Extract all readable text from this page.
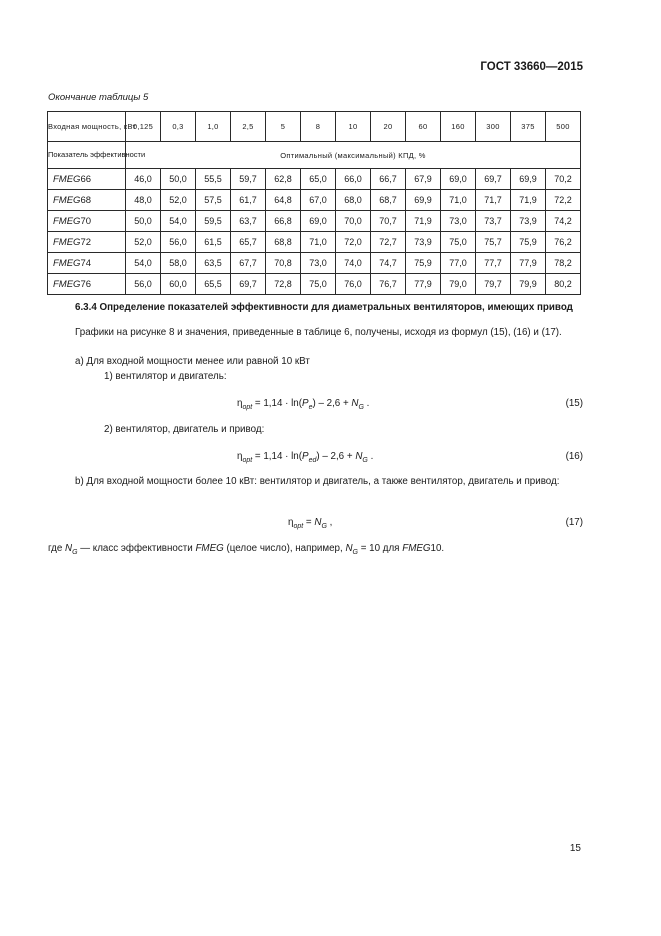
ГОСТ 33660—2015
Окончание таблицы 5
Входная мощность, кВт	0,125	0,3	1,0	2,5	5	8	10	20	60	160	300	375	500
Показатель эффективности	Оптимальный (максимальный) КПД, %												
FMEG66	46,0	50,0	55,5	59,7	62,8	65,0	66,0	66,7	67,9	69,0	69,7	69,9	70,2
FMEG68	48,0	52,0	57,5	61,7	64,8	67,0	68,0	68,7	69,9	71,0	71,7	71,9	72,2
FMEG70	50,0	54,0	59,5	63,7	66,8	69,0	70,0	70,7	71,9	73,0	73,7	73,9	74,2
FMEG72	52,0	56,0	61,5	65,7	68,8	71,0	72,0	72,7	73,9	75,0	75,7	75,9	76,2
FMEG74	54,0	58,0	63,5	67,7	70,8	73,0	74,0	74,7	75,9	77,0	77,7	77,9	78,2
FMEG76	56,0	60,0	65,5	69,7	72,8	75,0	76,0	76,7	77,9	79,0	79,7	79,9	80,2
6.3.4 Определение показателей эффективности для диаметральных вентиляторов, имеющих привод
Графики на рисунке 8 и значения, приведенные в таблице 6, получены, исходя из формул (15), (16) и (17).
а) Для входной мощности менее или равной 10 кВт
1) вентилятор и двигатель:
$\eta_{opt} = 1,14 \cdot \ln(P_e) - 2,6 + N_G$ .	(15)
2) вентилятор, двигатель и привод:
$\eta_{opt} = 1,14 \cdot \ln(P_{ed}) - 2,6 + N_G$ .	(16)
b) Для входной мощности более 10 кВт: вентилятор и двигатель, а также вентилятор, двигатель и привод:
$\eta_{opt} = N_G$ ,	(17)
где $N_G$ — класс эффективности FMEG (целое число), например, $N_G = 10$ для FMEG10.
15
